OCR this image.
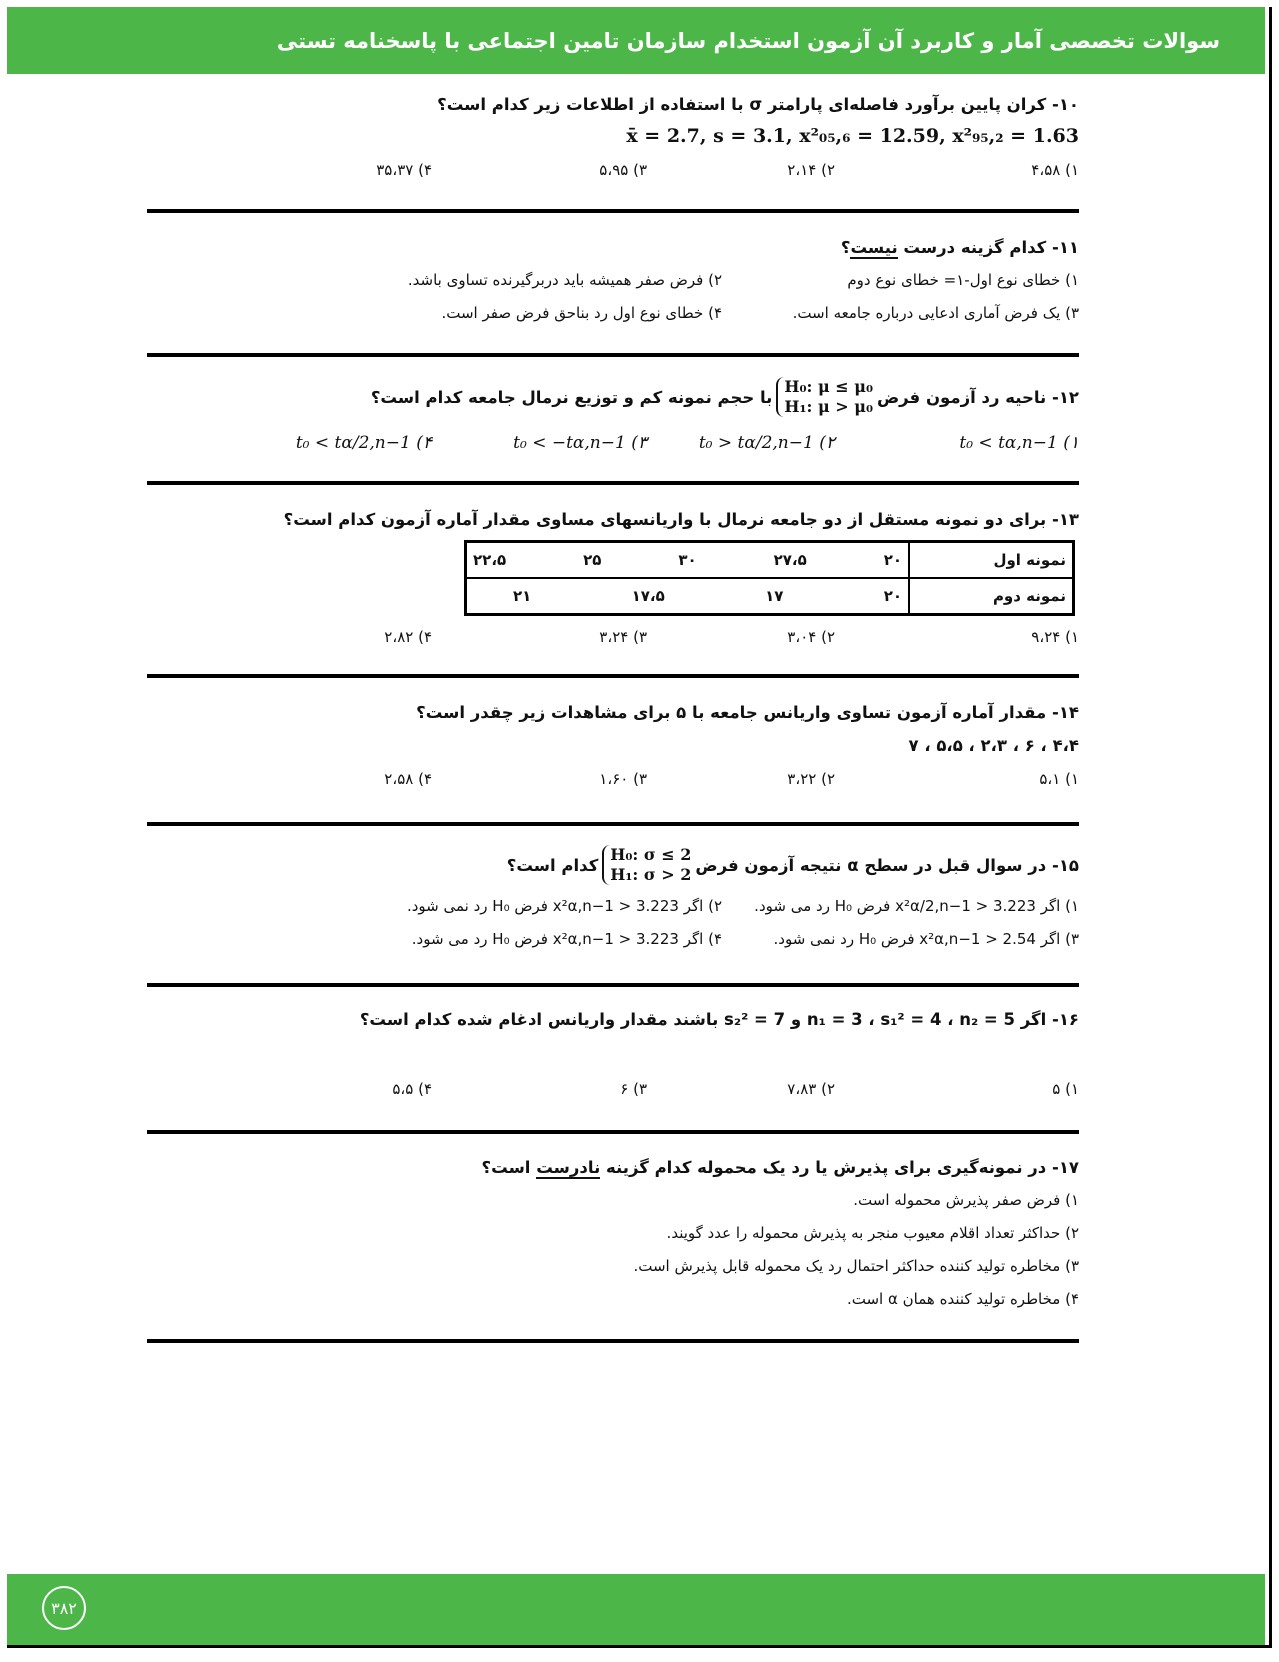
سوالات تخصصی آمار و کاربرد آن آزمون استخدام سازمان تامین اجتماعی با پاسخنامه تستی
۱۰- کران پایین برآورد فاصله‌ای پارامتر σ با استفاده از اطلاعات زیر کدام است؟
x̄ = 2.7, s = 3.1, x²₀₅,₆ = 12.59, x²₉₅,₂ = 1.63
۱) ۴،۵۸
۲) ۲،۱۴
۳) ۵،۹۵
۴) ۳۵،۳۷
۱۱- کدام گزینه درست نیست؟
۱) خطای نوع اول-۱= خطای نوع دوم
۲) فرض صفر همیشه باید دربرگیرنده تساوی باشد.
۳) یک فرض آماری ادعایی درباره جامعه است.
۴) خطای نوع اول رد بناحق فرض صفر است.
۱۲- ناحیه رد آزمون فرض
H₀: μ ≤ μ₀
H₁: μ > μ₀
با حجم نمونه کم و توزیع نرمال جامعه کدام است؟
۱) t₀ < tα,n−1
۲) t₀ > tα/2,n−1
۳) t₀ < −tα,n−1
۴) t₀ < tα/2,n−1
۱۳- برای دو نمونه مستقل از دو جامعه نرمال با واریانسهای مساوی مقدار آماره آزمون کدام است؟
نمونه اول	۲۰
۲۷،۵
۳۰
۲۵
۲۲،۵

نمونه دوم	۲۰
۱۷
۱۷،۵
۲۱
۱) ۹،۲۴
۲) ۳،۰۴
۳) ۳،۲۴
۴) ۲،۸۲
۱۴- مقدار آماره آزمون تساوی واریانس جامعه با ۵ برای مشاهدات زیر چقدر است؟
۴،۴ ، ۶ ، ۲،۳ ، ۵،۵ ، ۷
۱) ۵،۱
۲) ۳،۲۲
۳) ۱،۶۰
۴) ۲،۵۸
۱۵- در سوال قبل در سطح α نتیجه آزمون فرض
H₀: σ ≤ 2
H₁: σ > 2
کدام است؟
۱) اگر 3.223 < x²α/2,n−1 فرض H₀ رد می شود.
۲) اگر 3.223 < x²α,n−1 فرض H₀ رد نمی شود.
۳) اگر 2.54 < x²α,n−1 فرض H₀ رد نمی شود.
۴) اگر 3.223 < x²α,n−1 فرض H₀ رد می شود.
۱۶- اگر n₁ = 3 ، s₁² = 4 ، n₂ = 5 و s₂² = 7 باشند مقدار واریانس ادغام شده کدام است؟
۱) ۵
۲) ۷،۸۳
۳) ۶
۴) ۵،۵
۱۷- در نمونه‌گیری برای پذیرش یا رد یک محموله کدام گزینه نادرست است؟
۱) فرض صفر پذیرش محموله است.
۲) حداکثر تعداد اقلام معیوب منجر به پذیرش محموله را عدد گویند.
۳) مخاطره تولید کننده حداکثر احتمال رد یک محموله قابل پذیرش است.
۴) مخاطره تولید کننده همان α است.
۳۸۲
